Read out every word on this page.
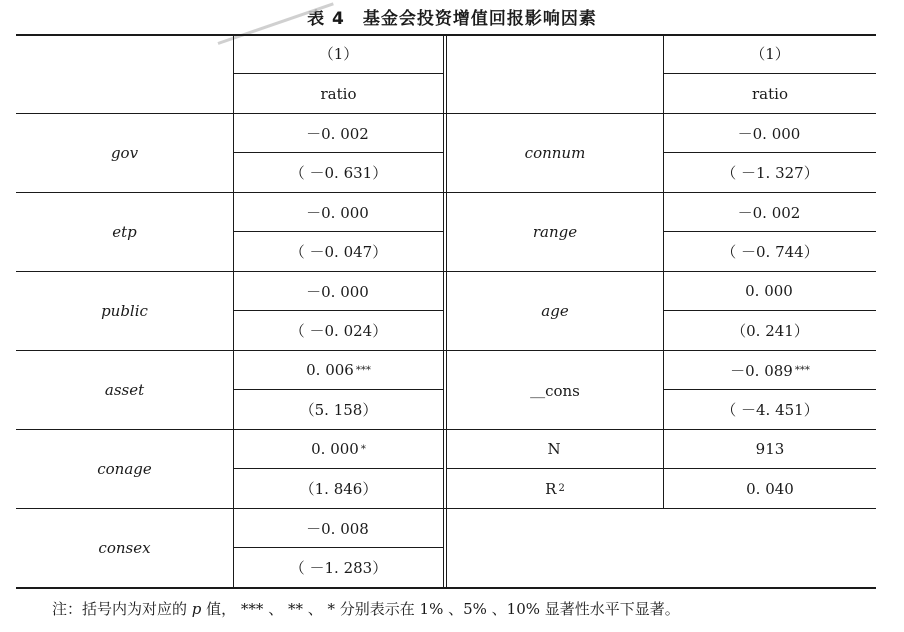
表 4 基金会投资增值回报影响因素
（1）
ratio
（1）
ratio
gov
－0. 002
（ －0. 631）
etp
－0. 000
（ －0. 047）
public
－0. 000
（ －0. 024）
asset
0. 006 ***
（5. 158）
conage
0. 000 *
（1. 846）
consex
－0. 008
（ －1. 283）
connum
－0. 000
（ －1. 327）
range
－0. 002
（ －0. 744）
age
0. 000
（0. 241）
＿cons
－0. 089 ***
（ －4. 451）
N	913
R 2	0. 040
注：括号内为对应的 p 值， *** 、 ** 、 * 分别表示在 1% 、5% 、10% 显著性水平下显著。
